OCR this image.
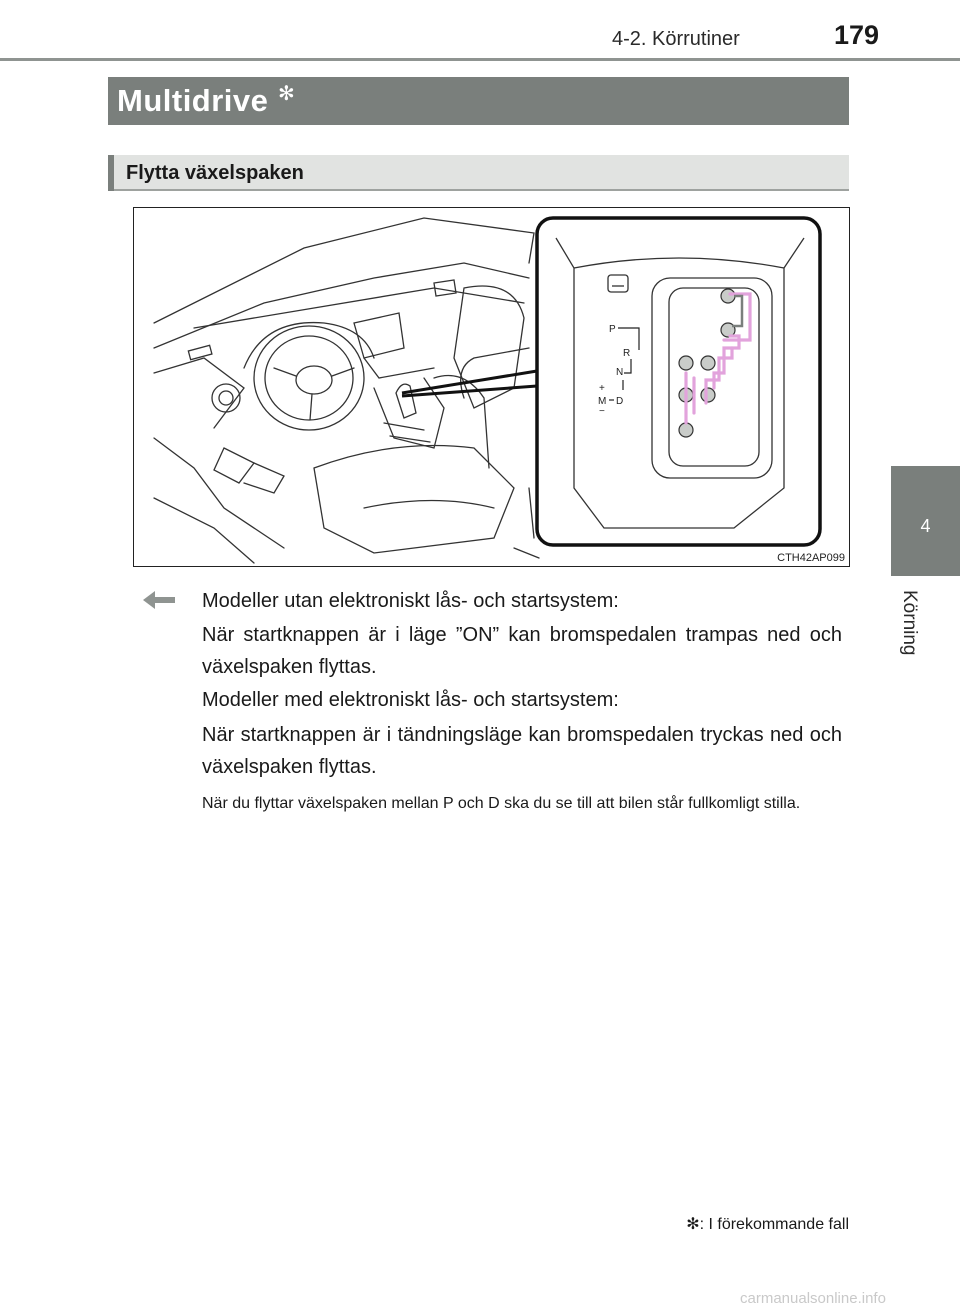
4-2. Körrutiner	179
4
Körning
Multidrive ✻
Flytta växelspaken
P
R
N
D
M
+
−
CTH42AP099
Modeller utan elektroniskt lås- och startsystem:
När startknappen är i läge ”ON” kan bromspedalen trampas ned och växelspaken flyttas.
Modeller med elektroniskt lås- och startsystem:
När startknappen är i tändningsläge kan bromspedalen tryckas ned och växelspaken flyttas.
När du flyttar växelspaken mellan P och D ska du se till att bilen står fullkomligt stilla.
✻: I förekommande fall
carmanualsonline.info
